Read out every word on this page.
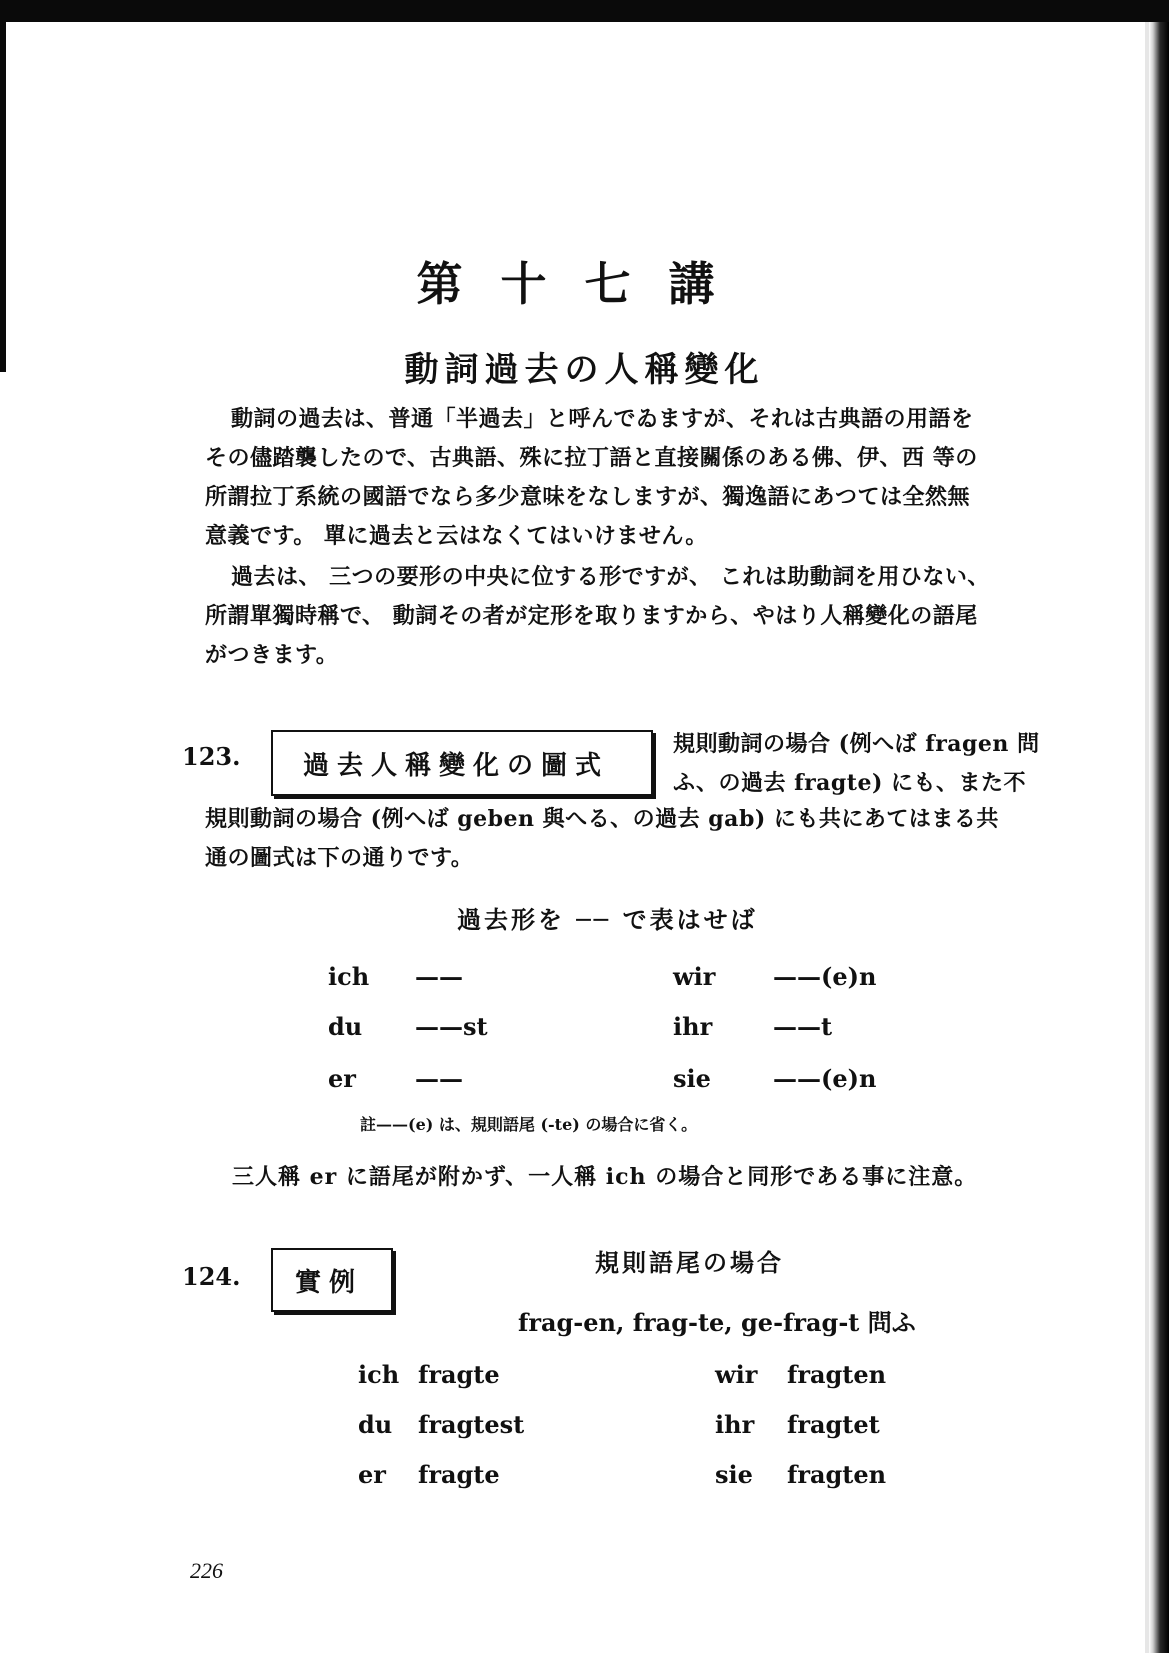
第十七講
動詞過去の人稱變化
動詞の過去は、普通「半過去」と呼んでゐますが、それは古典語の用語を
その儘踏襲したので、古典語、殊に拉丁語と直接關係のある佛、伊、西 等の
所謂拉丁系統の國語でなら多少意味をなしますが、獨逸語にあつては全然無
意義です。 單に過去と云はなくてはいけません。
過去は、 三つの要形の中央に位する形ですが、 これは助動詞を用ひない、
所謂單獨時稱で、 動詞その者が定形を取りますから、やはり人稱變化の語尾
がつきます。
123. 過去人稱變化の圖式
規則動詞の場合 (例へば fragen 問
ふ、の過去 fragte) にも、また不
規則動詞の場合 (例へば geben 與へる、の過去 gab) にも共にあてはまる共
通の圖式は下の通りです。
過去形を ── で表はせば
ich ——	wir ——(e)n
du ——st	ihr	——t
er ——	sie	——(e)n
註——(e) は、規則語尾 (-te) の場合に省く。
三人稱 er に語尾が附かず、一人稱 ich の場合と同形である事に注意。
124. 實例
規則語尾の場合
frag-en, frag-te, ge-frag-t 問ふ
ich fragte	wir fragten
du fragtest	ihr fragtet
er fragte	sie fragten
226
